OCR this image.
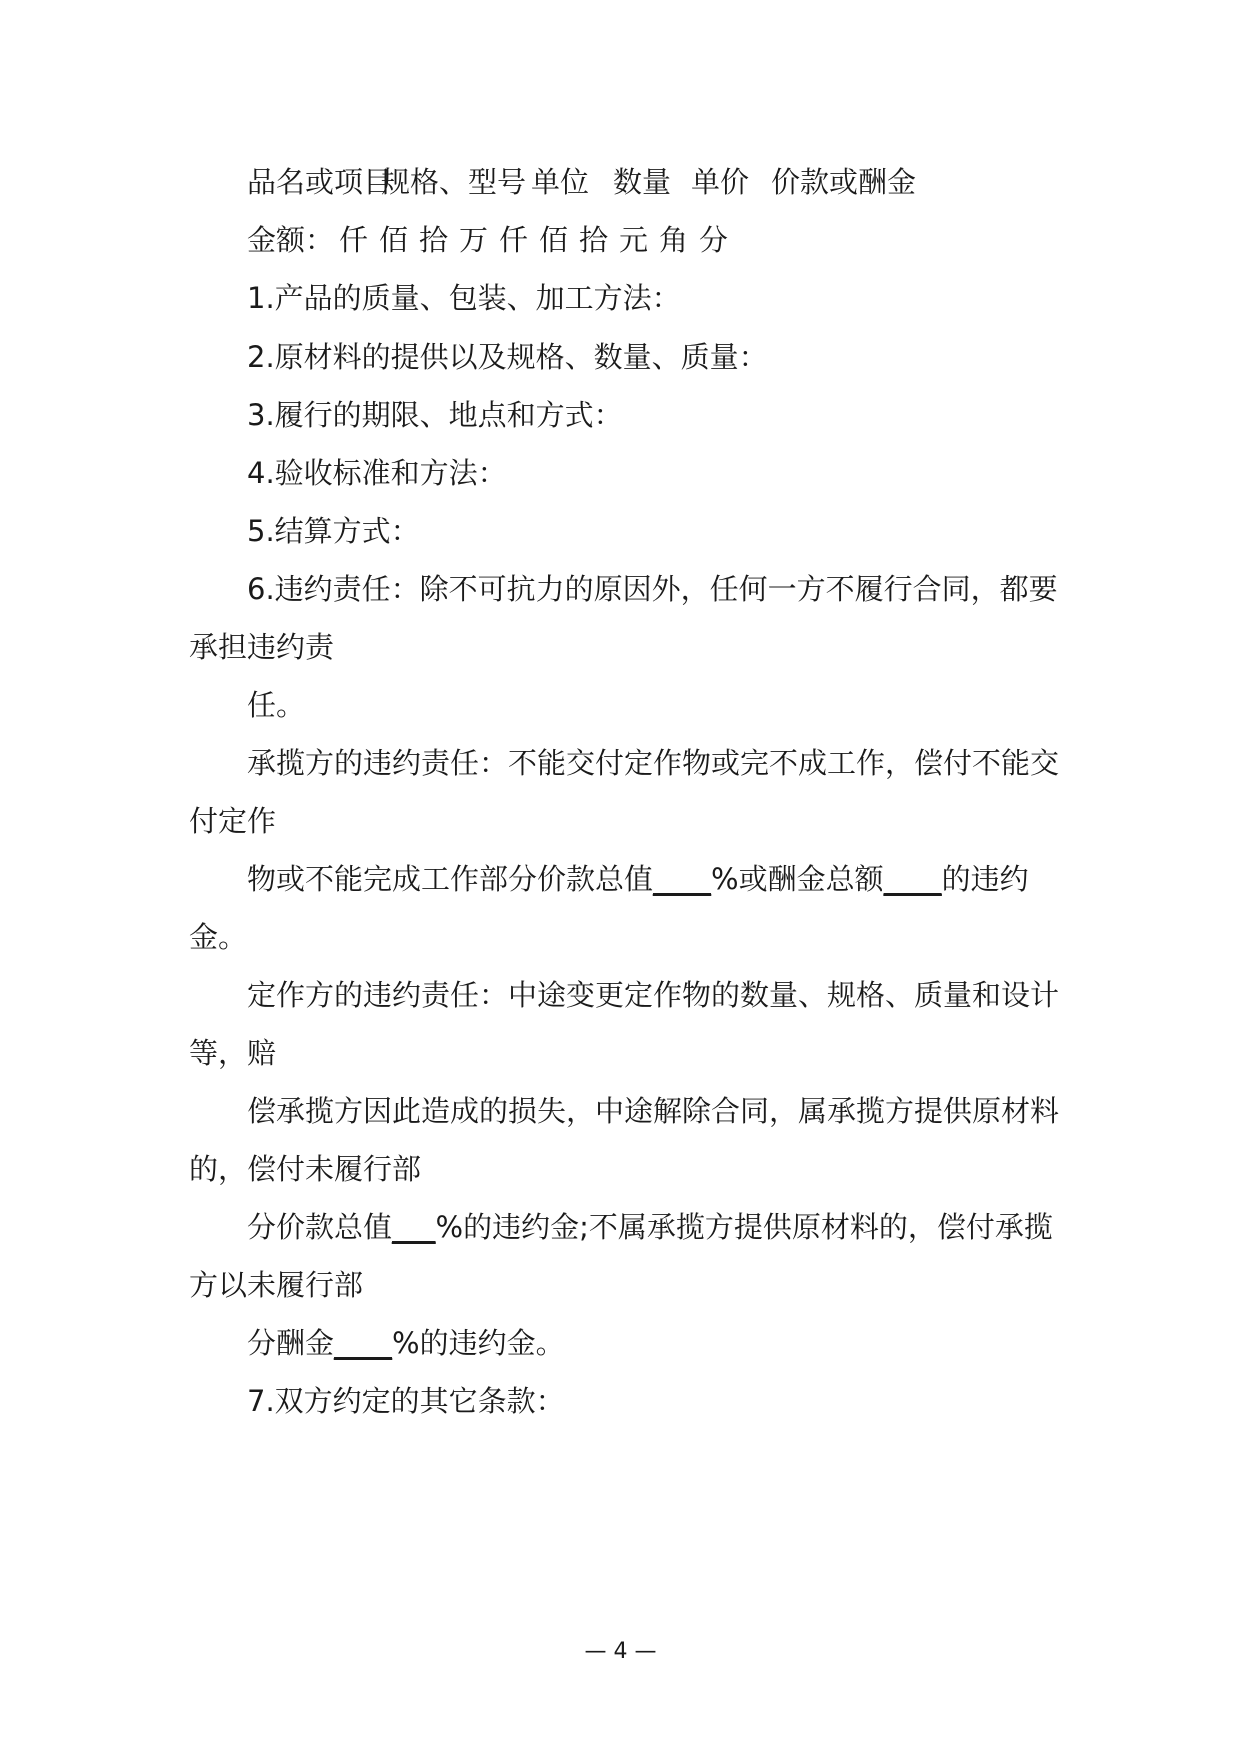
品名或项目
规格、型号 单位 数量 单价 价款或酬金
金额： 仟 佰 拾 万 仟 佰 拾 元 角 分
1.产品的质量、包装、加工方法：
2.原材料的提供以及规格、数量、质量：
3.履行的期限、地点和方式：
4.验收标准和方法：
5.结算方式：
6.违约责任：除不可抗力的原因外，任何一方不履行合同，都要
承担违约责
任。
承揽方的违约责任：不能交付定作物或完不成工作，偿付不能交
付定作
物或不能完成工作部分价款总值____%或酬金总额____的违约
金。
定作方的违约责任：中途变更定作物的数量、规格、质量和设计
等，赔
偿承揽方因此造成的损失，中途解除合同，属承揽方提供原材料
的，偿付未履行部
分价款总值___%的违约金;不属承揽方提供原材料的，偿付承揽
方以未履行部
分酬金____%的违约金。
7.双方约定的其它条款：
— 4 —
